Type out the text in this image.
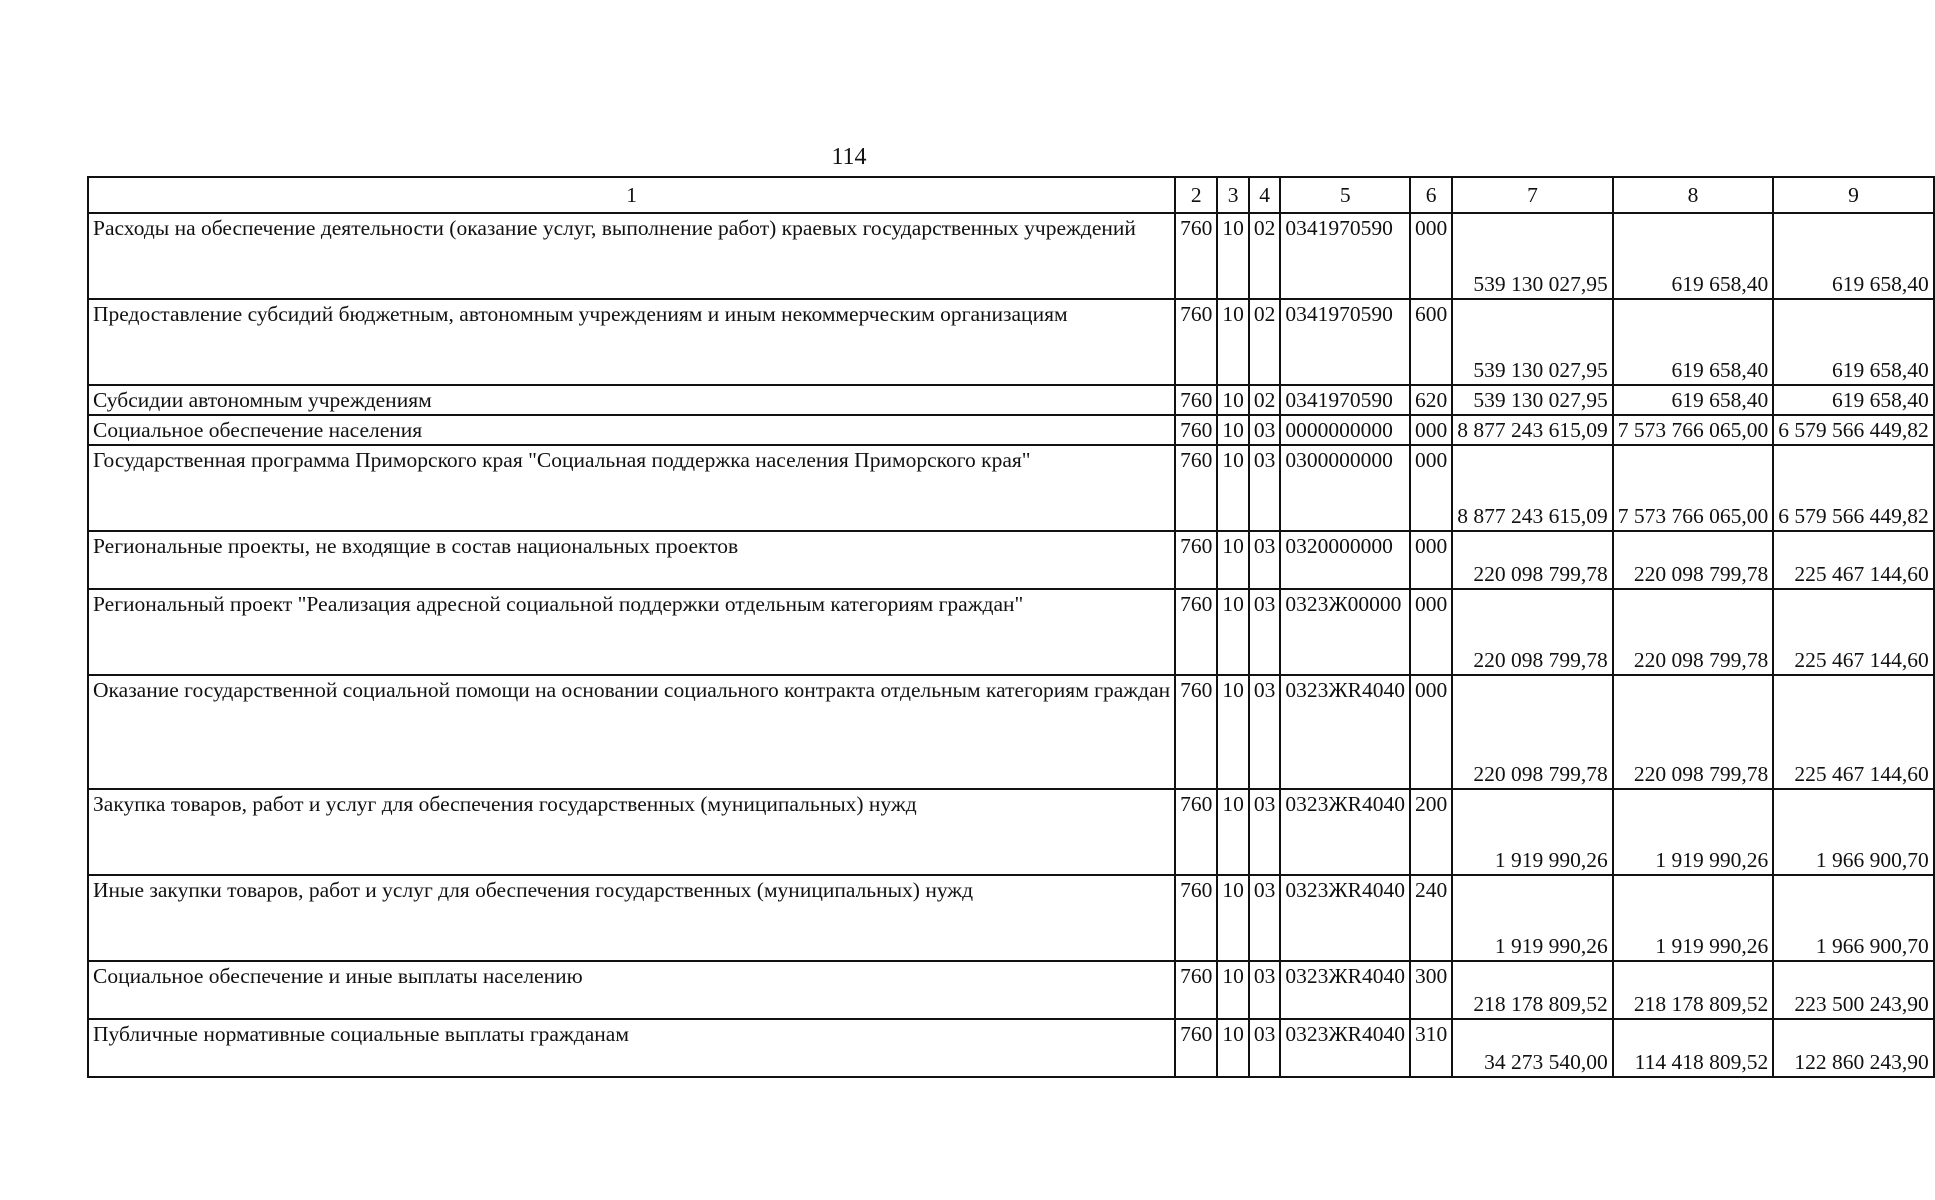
114
1	2	3	4	5	6	7	8	9
Расходы на обеспечение деятельности (оказание услуг, выполнение работ) краевых государственных учреждений	760	10	02	0341970590	000	539 130 027,95	619 658,40	619 658,40
Предоставление субсидий бюджетным, автономным учреждениям и иным некоммерческим организациям	760	10	02	0341970590	600	539 130 027,95	619 658,40	619 658,40
Субсидии автономным учреждениям	760	10	02	0341970590	620	539 130 027,95	619 658,40	619 658,40
Социальное обеспечение населения	760	10	03	0000000000	000	8 877 243 615,09	7 573 766 065,00	6 579 566 449,82
Государственная программа Приморского края "Социальная поддержка населения Приморского края"	760	10	03	0300000000	000	8 877 243 615,09	7 573 766 065,00	6 579 566 449,82
Региональные проекты, не входящие в состав национальных проектов	760	10	03	0320000000	000	220 098 799,78	220 098 799,78	225 467 144,60
Региональный проект "Реализация адресной социальной поддержки отдельным категориям граждан"	760	10	03	0323Ж00000	000	220 098 799,78	220 098 799,78	225 467 144,60
Оказание государственной социальной помощи на основании социального контракта отдельным категориям граждан	760	10	03	0323ЖR4040	000	220 098 799,78	220 098 799,78	225 467 144,60
Закупка товаров, работ и услуг для обеспечения государственных (муниципальных) нужд	760	10	03	0323ЖR4040	200	1 919 990,26	1 919 990,26	1 966 900,70
Иные закупки товаров, работ и услуг для обеспечения государственных (муниципальных) нужд	760	10	03	0323ЖR4040	240	1 919 990,26	1 919 990,26	1 966 900,70
Социальное обеспечение и иные выплаты населению	760	10	03	0323ЖR4040	300	218 178 809,52	218 178 809,52	223 500 243,90
Публичные нормативные социальные выплаты гражданам	760	10	03	0323ЖR4040	310	34 273 540,00	114 418 809,52	122 860 243,90
